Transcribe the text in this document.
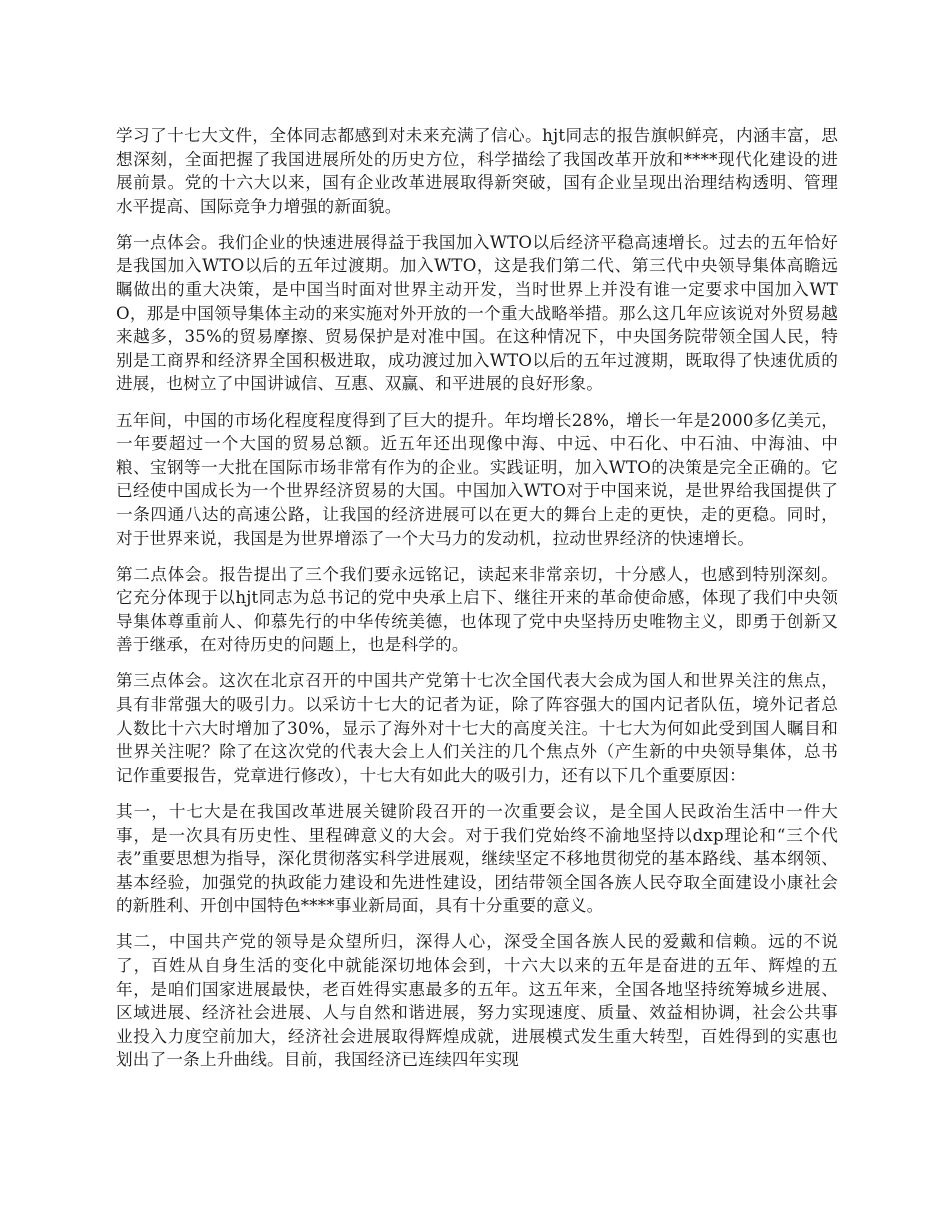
学习了十七大文件，全体同志都感到对未来充满了信心。hjt同志的报告旗帜鲜亮，内涵丰富，思想深刻，全面把握了我国进展所处的历史方位，科学描绘了我国改革开放和****现代化建设的进展前景。党的十六大以来，国有企业改革进展取得新突破，国有企业呈现出治理结构透明、管理水平提高、国际竞争力增强的新面貌。

第一点体会。我们企业的快速进展得益于我国加入WTO以后经济平稳高速增长。过去的五年恰好是我国加入WTO以后的五年过渡期。加入WTO，这是我们第二代、第三代中央领导集体高瞻远瞩做出的重大决策，是中国当时面对世界主动开发，当时世界上并没有谁一定要求中国加入WTO，那是中国领导集体主动的来实施对外开放的一个重大战略举措。那么这几年应该说对外贸易越来越多，35%的贸易摩擦、贸易保护是对准中国。在这种情况下，中央国务院带领全国人民，特别是工商界和经济界全国积极进取，成功渡过加入WTO以后的五年过渡期，既取得了快速优质的进展，也树立了中国讲诚信、互惠、双赢、和平进展的良好形象。

五年间，中国的市场化程度程度得到了巨大的提升。年均增长28%，增长一年是2000多亿美元，一年要超过一个大国的贸易总额。近五年还出现像中海、中远、中石化、中石油、中海油、中粮、宝钢等一大批在国际市场非常有作为的企业。实践证明，加入WTO的决策是完全正确的。它已经使中国成长为一个世界经济贸易的大国。中国加入WTO对于中国来说，是世界给我国提供了一条四通八达的高速公路，让我国的经济进展可以在更大的舞台上走的更快，走的更稳。同时，对于世界来说，我国是为世界增添了一个大马力的发动机，拉动世界经济的快速增长。

第二点体会。报告提出了三个我们要永远铭记，读起来非常亲切，十分感人，也感到特别深刻。它充分体现于以hjt同志为总书记的党中央承上启下、继往开来的革命使命感，体现了我们中央领导集体尊重前人、仰慕先行的中华传统美德，也体现了党中央坚持历史唯物主义，即勇于创新又善于继承，在对待历史的问题上，也是科学的。

第三点体会。这次在北京召开的中国共产党第十七次全国代表大会成为国人和世界关注的焦点，具有非常强大的吸引力。以采访十七大的记者为证，除了阵容强大的国内记者队伍，境外记者总人数比十六大时增加了30%，显示了海外对十七大的高度关注。十七大为何如此受到国人瞩目和世界关注呢？除了在这次党的代表大会上人们关注的几个焦点外（产生新的中央领导集体，总书记作重要报告，党章进行修改），十七大有如此大的吸引力，还有以下几个重要原因：

其一，十七大是在我国改革进展关键阶段召开的一次重要会议，是全国人民政治生活中一件大事，是一次具有历史性、里程碑意义的大会。对于我们党始终不渝地坚持以dxp理论和“三个代表”重要思想为指导，深化贯彻落实科学进展观，继续坚定不移地贯彻党的基本路线、基本纲领、基本经验，加强党的执政能力建设和先进性建设，团结带领全国各族人民夺取全面建设小康社会的新胜利、开创中国特色****事业新局面，具有十分重要的意义。

其二，中国共产党的领导是众望所归，深得人心，深受全国各族人民的爱戴和信赖。远的不说了，百姓从自身生活的变化中就能深切地体会到，十六大以来的五年是奋进的五年、辉煌的五年，是咱们国家进展最快，老百姓得实惠最多的五年。这五年来，全国各地坚持统筹城乡进展、区域进展、经济社会进展、人与自然和谐进展，努力实现速度、质量、效益相协调，社会公共事业投入力度空前加大，经济社会进展取得辉煌成就，进展模式发生重大转型，百姓得到的实惠也划出了一条上升曲线。目前，我国经济已连续四年实现
